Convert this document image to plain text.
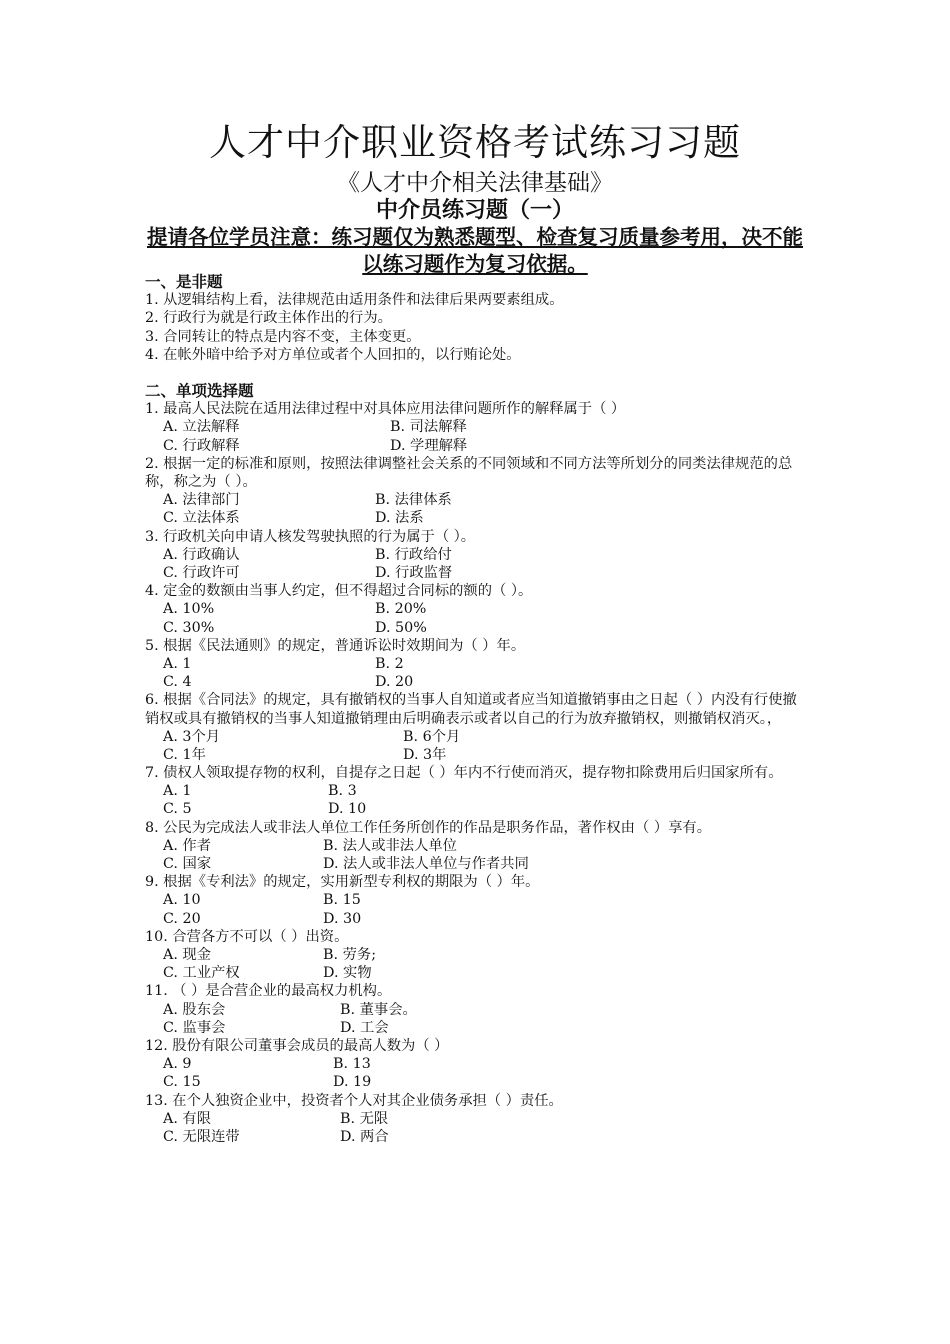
人才中介职业资格考试练习习题
《人才中介相关法律基础》
中介员练习题（一）
提请各位学员注意：练习题仅为熟悉题型、检查复习质量参考用，决不能以练习题作为复习依据。
一、是非题
1. 从逻辑结构上看，法律规范由适用条件和法律后果两要素组成。
2. 行政行为就是行政主体作出的行为。
3. 合同转让的特点是内容不变，主体变更。
4. 在帐外暗中给予对方单位或者个人回扣的，以行贿论处。
二、单项选择题
1. 最高人民法院在适用法律过程中对具体应用法律问题所作的解释属于（ ）
A. 立法解释	B. 司法解释
C. 行政解释	D. 学理解释
2. 根据一定的标准和原则，按照法律调整社会关系的不同领域和不同方法等所划分的同类法律规范的总称，称之为（ ）。
A. 法律部门	B. 法律体系
C. 立法体系	D. 法系
3. 行政机关向申请人核发驾驶执照的行为属于（ ）。
A. 行政确认	B. 行政给付
C. 行政许可	D. 行政监督
4. 定金的数额由当事人约定，但不得超过合同标的额的（ ）。
A. 10%	B. 20%
C. 30%	D. 50%
5. 根据《民法通则》的规定，普通诉讼时效期间为（ ）年。
A. 1	B. 2
C. 4	D. 20
6. 根据《合同法》的规定，具有撤销权的当事人自知道或者应当知道撤销事由之日起（ ）内没有行使撤销权或具有撤销权的当事人知道撤销理由后明确表示或者以自己的行为放弃撤销权，则撤销权消灭。，
A. 3个月	B. 6个月
C. 1年	D. 3年
7. 债权人领取提存物的权利，自提存之日起（ ）年内不行使而消灭，提存物扣除费用后归国家所有。
A. 1	B. 3
C. 5	D. 10
8. 公民为完成法人或非法人单位工作任务所创作的作品是职务作品，著作权由（ ）享有。
A. 作者	B. 法人或非法人单位
C. 国家	D. 法人或非法人单位与作者共同
9. 根据《专利法》的规定，实用新型专利权的期限为（ ）年。
A. 10	B. 15
C. 20	D. 30
10. 合营各方不可以（ ）出资。
A. 现金	B. 劳务;
C. 工业产权	D. 实物
11. （ ）是合营企业的最高权力机构。
A. 股东会	B. 董事会。
C. 监事会	D. 工会
12. 股份有限公司董事会成员的最高人数为（ ）
A. 9	B. 13
C. 15	D. 19
13. 在个人独资企业中，投资者个人对其企业债务承担（ ）责任。
A. 有限	B. 无限
C. 无限连带	D. 两合
